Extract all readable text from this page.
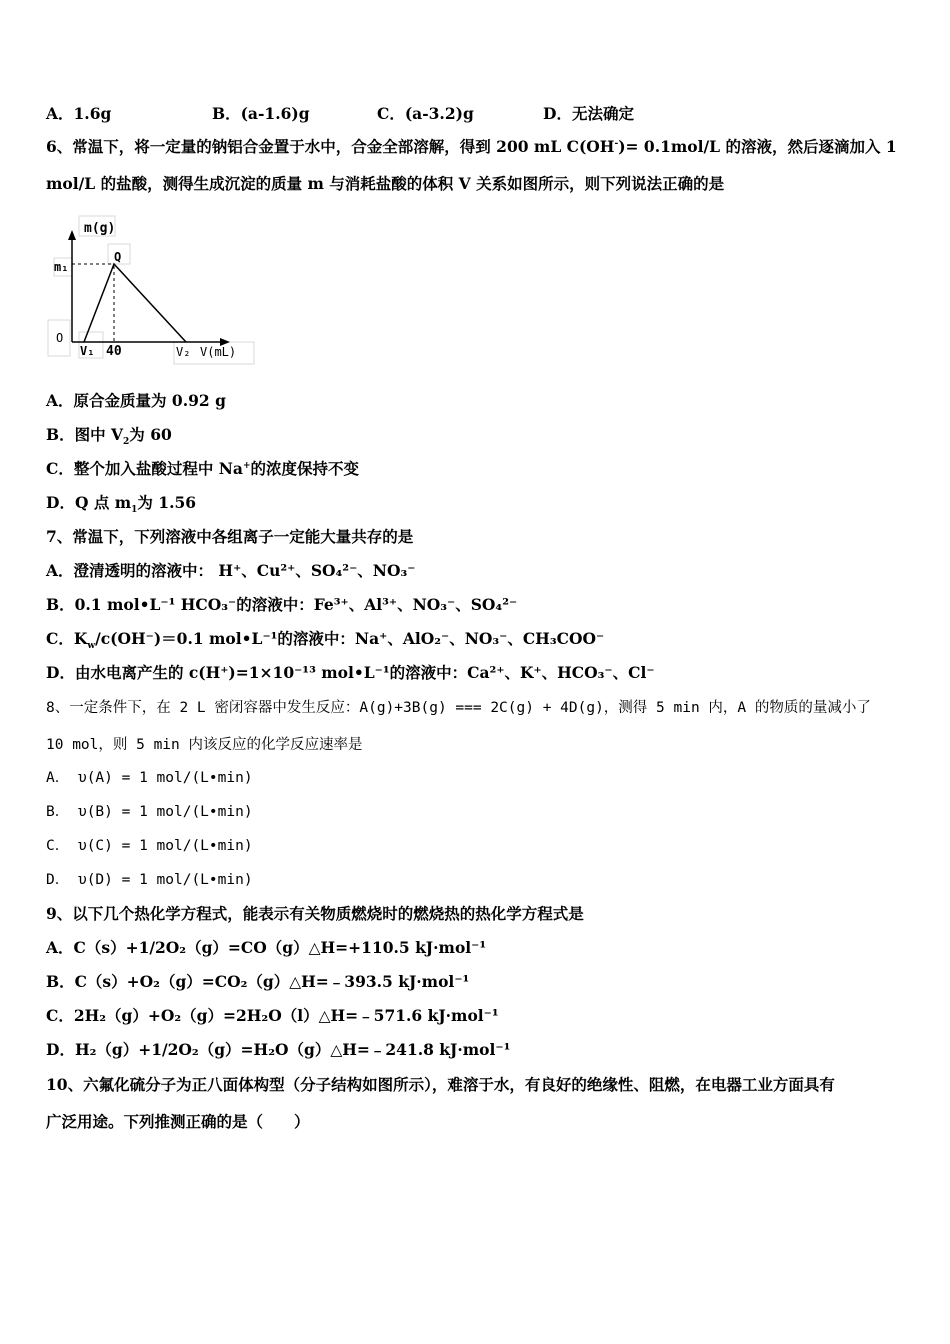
A．1.6g	B．(a-1.6)g	C．(a-3.2)g	D．无法确定
6、常温下，将一定量的钠铝合金置于水中，合金全部溶解，得到 200 mL C(OH-)= 0.1mol/L 的溶液，然后逐滴加入 1
mol/L 的盐酸，测得生成沉淀的质量 m 与消耗盐酸的体积 V 关系如图所示，则下列说法正确的是
m(g)
m₁
Q
O
V₁ 40	V₂ V(mL)
A．原合金质量为 0.92 g
B．图中 $V_2$为 60
C．整个加入盐酸过程中 Na+的浓度保持不变
D．Q 点 $m_1$为 1.56
7、常温下，下列溶液中各组离子一定能大量共存的是
A．澄清透明的溶液中： H⁺、Cu²⁺、SO₄²⁻、NO₃⁻
B．0.1 mol•L⁻¹ HCO₃⁻的溶液中：Fe³⁺、Al³⁺、NO₃⁻、SO₄²⁻
C．$K_w/c(OH^-)=0.1$ mol•L⁻¹的溶液中：Na⁺、AlO₂⁻、NO₃⁻、CH₃COO⁻
D．由水电离产生的 c(H⁺)=1×10⁻¹³ mol•L⁻¹的溶液中：Ca²⁺、K⁺、HCO₃⁻、Cl⁻
8、一定条件下，在 2 L 密闭容器中发生反应：A(g)+3B(g) === 2C(g) + 4D(g)，测得 5 min 内，A 的物质的量减小了
10 mol，则 5 min 内该反应的化学反应速率是
A． υ(A) = 1 mol/(L•min)
B． υ(B) = 1 mol/(L•min)
C． υ(C) = 1 mol/(L•min)
D． υ(D) = 1 mol/(L•min)
9、以下几个热化学方程式，能表示有关物质燃烧时的燃烧热的热化学方程式是
A．C（s）+1/2O₂（g）=CO（g）△H=+110.5 kJ·mol⁻¹
B．C（s）+O₂（g）=CO₂（g）△H=﹣393.5 kJ·mol⁻¹
C．2H₂（g）+O₂（g）=2H₂O（l）△H=﹣571.6 kJ·mol⁻¹
D．H₂（g）+1/2O₂（g）=H₂O（g）△H=﹣241.8 kJ·mol⁻¹
10、六氟化硫分子为正八面体构型（分子结构如图所示），难溶于水，有良好的绝缘性、阻燃，在电器工业方面具有
广泛用途。下列推测正确的是（　　）
